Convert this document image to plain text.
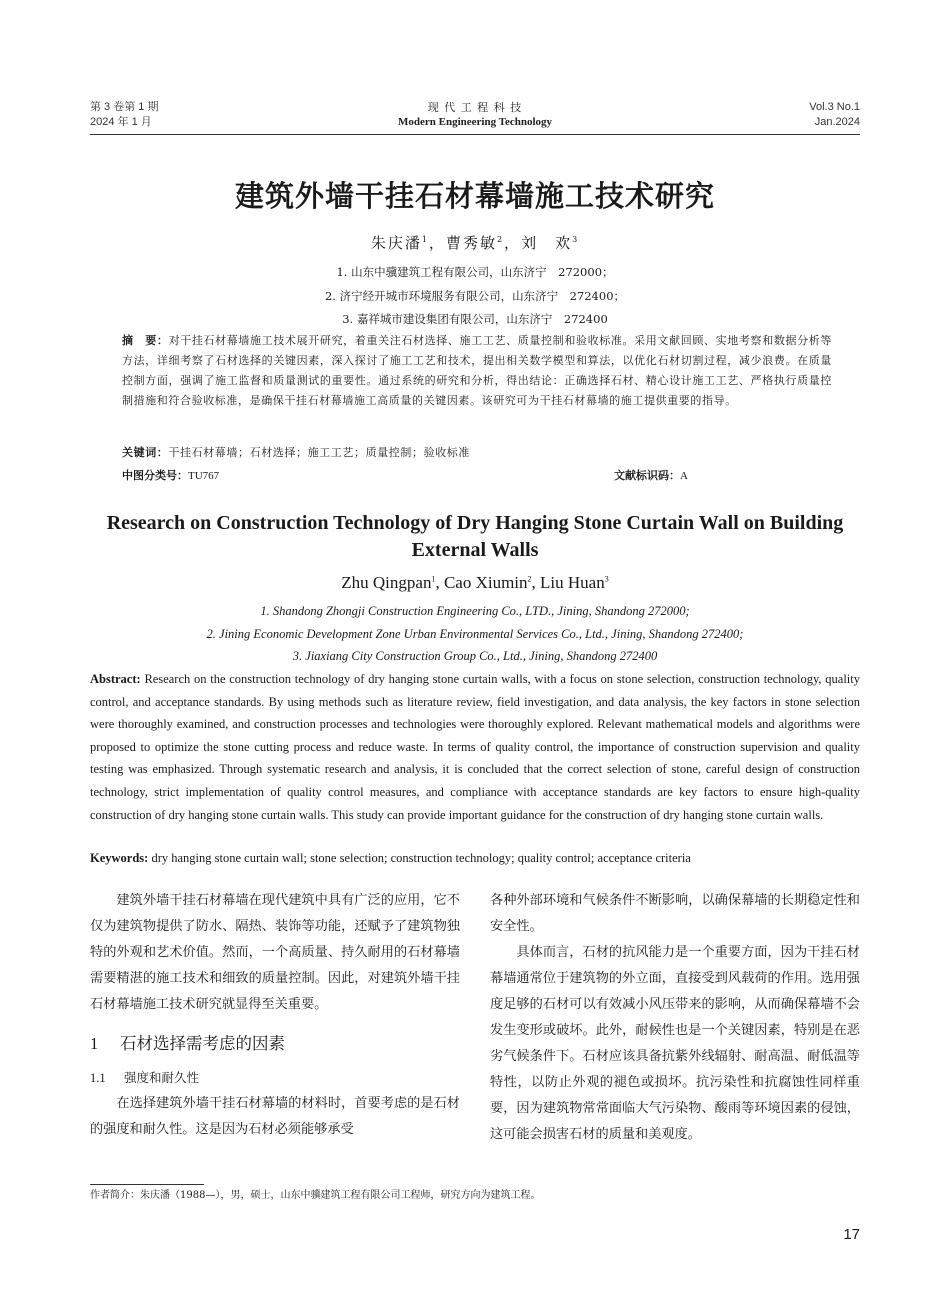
第 3 卷第 1 期
2024 年 1 月
现 代 工 程 科 技
Modern Engineering Technology
Vol.3 No.1
Jan.2024
建筑外墙干挂石材幕墙施工技术研究
朱庆潘$^1$，曹秀敏$^2$，刘　欢$^3$
1. 山东中骥建筑工程有限公司，山东济宁　272000；
2. 济宁经开城市环境服务有限公司，山东济宁　272400；
3. 嘉祥城市建设集团有限公司，山东济宁　272400
摘　要：对干挂石材幕墙施工技术展开研究，着重关注石材选择、施工工艺、质量控制和验收标准。采用文献回顾、实地考察和数据分析等方法，详细考察了石材选择的关键因素，深入探讨了施工工艺和技术，提出相关数学模型和算法，以优化石材切割过程，减少浪费。在质量控制方面，强调了施工监督和质量测试的重要性。通过系统的研究和分析，得出结论：正确选择石材、精心设计施工工艺、严格执行质量控制措施和符合验收标准，是确保干挂石材幕墙施工高质量的关键因素。该研究可为干挂石材幕墙的施工提供重要的指导。
关键词：干挂石材幕墙；石材选择；施工工艺；质量控制；验收标准
中图分类号：TU767	文献标识码：A
Research on Construction Technology of Dry Hanging Stone Curtain Wall on Building External Walls
Zhu Qingpan$^1$, Cao Xiumin$^2$, Liu Huan$^3$
1. Shandong Zhongji Construction Engineering Co., LTD., Jining, Shandong 272000;
2. Jining Economic Development Zone Urban Environmental Services Co., Ltd., Jining, Shandong 272400;
3. Jiaxiang City Construction Group Co., Ltd., Jining, Shandong 272400
Abstract: Research on the construction technology of dry hanging stone curtain walls, with a focus on stone selection, construction technology, quality control, and acceptance standards. By using methods such as literature review, field investigation, and data analysis, the key factors in stone selection were thoroughly examined, and construction processes and technologies were thoroughly explored. Relevant mathematical models and algorithms were proposed to optimize the stone cutting process and reduce waste. In terms of quality control, the importance of construction supervision and quality testing was emphasized. Through systematic research and analysis, it is concluded that the correct selection of stone, careful design of construction technology, strict implementation of quality control measures, and compliance with acceptance standards are key factors to ensure high-quality construction of dry hanging stone curtain walls. This study can provide important guidance for the construction of dry hanging stone curtain walls.
Keywords: dry hanging stone curtain wall; stone selection; construction technology; quality control; acceptance criteria

建筑外墙干挂石材幕墙在现代建筑中具有广泛的应用，它不仅为建筑物提供了防水、隔热、装饰等功能，还赋予了建筑物独特的外观和艺术价值。然而，一个高质量、持久耐用的石材幕墙需要精湛的施工技术和细致的质量控制。因此，对建筑外墙干挂石材幕墙施工技术研究就显得至关重要。

1 石材选择需考虑的因素
1.1 强度和耐久性

在选择建筑外墙干挂石材幕墙的材料时，首要考虑的是石材的强度和耐久性。这是因为石材必须能够承受

各种外部环境和气候条件不断影响，以确保幕墙的长期稳定性和安全性。

具体而言，石材的抗风能力是一个重要方面，因为干挂石材幕墙通常位于建筑物的外立面，直接受到风载荷的作用。选用强度足够的石材可以有效减小风压带来的影响，从而确保幕墙不会发生变形或破坏。此外，耐候性也是一个关键因素，特别是在恶劣气候条件下。石材应该具备抗紫外线辐射、耐高温、耐低温等特性，以防止外观的褪色或损坏。抗污染性和抗腐蚀性同样重要，因为建筑物常常面临大气污染物、酸雨等环境因素的侵蚀，这可能会损害石材的质量和美观度。

作者简介：朱庆潘（1988—），男，硕士，山东中骥建筑工程有限公司工程师，研究方向为建筑工程。
17
